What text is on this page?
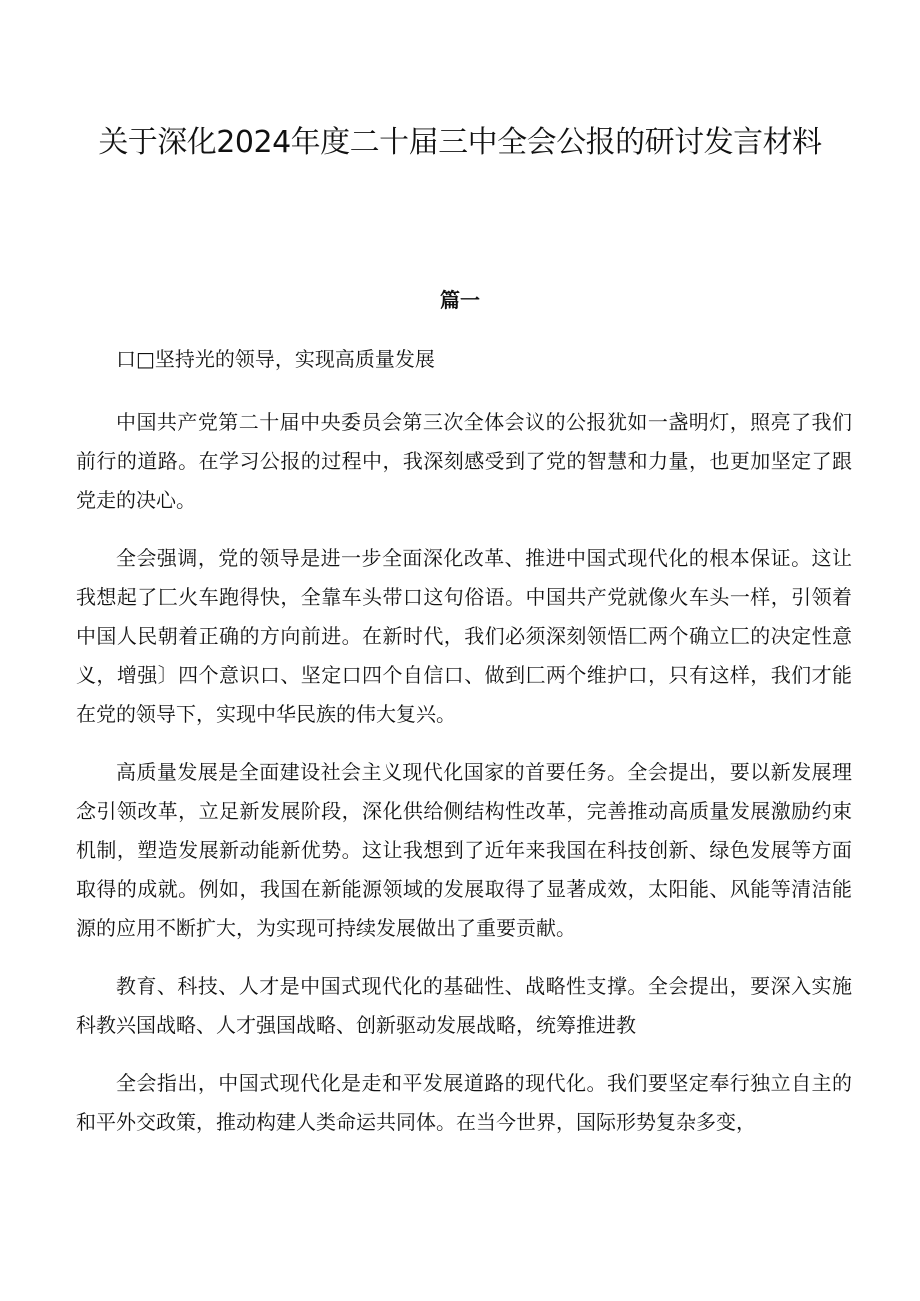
关于深化2024年度二十届三中全会公报的研讨发言材料
篇一

口□坚持光的领导，实现高质量发展

中国共产党第二十届中央委员会第三次全体会议的公报犹如一盏明灯，照亮了我们前行的道路。在学习公报的过程中，我深刻感受到了党的智慧和力量，也更加坚定了跟党走的决心。

全会强调，党的领导是进一步全面深化改革、推进中国式现代化的根本保证。这让我想起了匚火车跑得快，全靠车头带口这句俗语。中国共产党就像火车头一样，引领着中国人民朝着正确的方向前进。在新时代，我们必须深刻领悟匚两个确立匚的决定性意义，增强〕四个意识口、坚定口四个自信口、做到匚两个维护口，只有这样，我们才能在党的领导下，实现中华民族的伟大复兴。

高质量发展是全面建设社会主义现代化国家的首要任务。全会提出，要以新发展理念引领改革，立足新发展阶段，深化供给侧结构性改革，完善推动高质量发展激励约束机制，塑造发展新动能新优势。这让我想到了近年来我国在科技创新、绿色发展等方面取得的成就。例如，我国在新能源领域的发展取得了显著成效，太阳能、风能等清洁能源的应用不断扩大，为实现可持续发展做出了重要贡献。

教育、科技、人才是中国式现代化的基础性、战略性支撑。全会提出，要深入实施科教兴国战略、人才强国战略、创新驱动发展战略，统筹推进教

全会指出，中国式现代化是走和平发展道路的现代化。我们要坚定奉行独立自主的和平外交政策，推动构建人类命运共同体。在当今世界，国际形势复杂多变，
